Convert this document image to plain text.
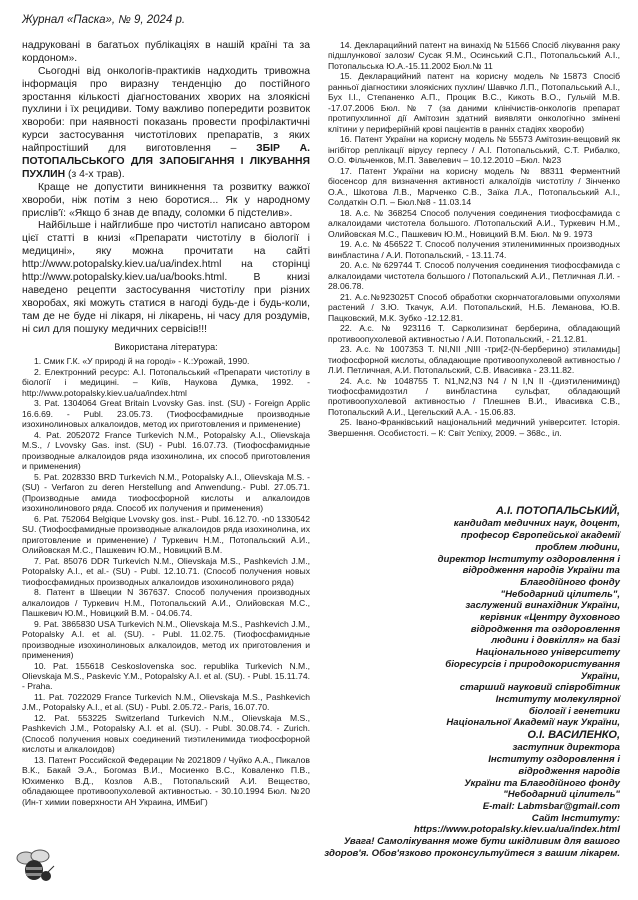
Журнал «Паска», № 9, 2024 р.

надруковані в багатьох публікаціях в нашій країні та за кордоном».

Сьогодні від онкологів-практиків надходить тривожна інформація про виразну тенденцію до постійного зростання кількості діагностованих хворих на злоякісні пухлини і їх рецидиви. Тому важливо попередити розвиток хвороби: при наявності показань провести профілактичні курси застосування чистотілових препаратів, з яких найпростіший для виготовлення – ЗБІР А. ПОТОПАЛЬСЬКОГО ДЛЯ ЗАПОБІГАННЯ І ЛІКУВАННЯ ПУХЛИН (з 4-х трав).

Краще не допустити виникнення та розвитку важкої хвороби, ніж потім з нею боротися... Як у народному прислів'ї: «Якщо б знав де впаду, соломки б підстелив».

Найбільше і найглибше про чистотіл написано автором цієї статті в книзі «Препарати чистотілу в біології і медицині», яку можна прочитати на сайті http://www.potopalsky.kiev.ua/ua/index.html на сторінці http://www.potopalsky.kiev.ua/ua/books.html. В книзі наведено рецепти застосування чистотілу при різних хворобах, які можуть статися в нагоді будь-де і будь-коли, там де не буде ні лікаря, ні лікарень, ні часу для роздумів, ні сил для пошуку медичних сервісів!!!

Використана література:

1. Смик Г.К. «У природі й на городі» - К.:Урожай, 1990.

2. Електронний ресурс: А.І. Потопальський «Препарати чистотілу в біології і медицині. – Київ, Наукова Думка, 1992. - http://www.potopalsky.kiev.ua/ua/index.html

3. Pat. 1304064 Great Britain Lvovsky Gas. inst. (SU) - Foreign Applic 16.6.69. - Publ. 23.05.73. (Тиофосфамидные производные изохинолиновых алкалоидов, метод их приготовления и применение)

4. Pat. 2052072 France Turkevich N.M., Potopalsky A.I., Olievskaja M.S., / Lvovsky Gas. inst. (SU) - Publ. 16.07.73. (Тиофосфамидные производные алкалоидов ряда изохинолина, их способ приготовления и применения)

5. Pat. 2028330 BRD Turkevich N.M., Potopalsky A.I., Olievskaja M.S. - (SU) - Verfaron zu deren Herstellung and Anwendung.- Publ. 27.05.71. (Производные амида тиофосфорной кислоты и алкалоидов изохинолинового ряда. Способ их получения и применения)

6. Pat. 752064 Belgique Lvovsky gos. inst.- Publ. 16.12.70. -n0 1330542 SU. (Тиофосфамидные производные алкалоидов ряда изохинолина, их приготовление и применение) / Туркевич Н.М., Потопальский А.И., Олийовская М.С., Пашкевич Ю.М., Новицкий В.М.

7. Pat. 85076 DDR Turkevich N.M., Olievskaja M.S., Pashkevich J.M., Potopalsky A.I., et al.- (SU) - Publ. 12.10.71. (Способ получения новых тиофосфамидных производных алкалоидов изохинолинового ряда)

8. Патент в Швеции N 367637. Способ получения производных алкалоидов / Туркевич Н.М., Потопальский А.И., Олийовская М.С., Пашкевич Ю.М., Новицкий В.М. - 04.06.74.

9. Pat. 3865830 USA Turkevich N.M., Olievskaja M.S., Pashkevich J.M., Potopalsky A.I. et al. (SU). - Publ. 11.02.75. (Тиофосфамидные производные изохинолиновых алкалоидов, метод их приготовления и применения)

10. Pat. 155618 Ceskoslovenska soc. republika Turkevich N.M., Olievskaja M.S., Paskevic Y.M., Potopalsky A.I. et al. (SU). - Publ. 15.11.74. - Praha.

11. Pat. 7022029 France Turkevich N.M., Olievskaja M.S., Pashkevich J.M., Potopalsky A.I., et al. (SU) - Publ. 2.05.72.- Paris, 16.07.70.

12. Pat. 553225 Switzerland Turkevich N.M., Olievskaja M.S., Pashkevich J.M., Potopalsky A.I. et al. (SU). - Publ. 30.08.74. - Zurich. (Способ получения новых соединений тиэтиленимида тиофосфорной кислоты и алкалоидов)

13. Патент Российской Федерации № 2021809 / Чуйко А.А., Пикалов В.К., Бакай Э.А., Богомаз В.И., Мосиенко В.С., Коваленко П.В., Юхименко В.Д., Козлов А.В., Потопальский А.И. Вещество, обладающее противоопухолевой активностью. - 30.10.1994 Бюл. №20 (Ин-т химии поверхности АН Украина, ИМБиГ)

14. Декларацийний патент на винахiд № 51566 Спосiб лiкування раку пiдшлункової залози/ Сусак Я.М., Осинський С.П., Потопальський А.I., Потопальська Ю.А.-15.11.2002 Бюл.№ 11

15. Декларацийний патент на корисну модель №15873 Спосiб ранньої дiагностики злоякiсних пухлин/ Шавчко Л.П., Потопальський А.I., Бух I.I., Степаненко А.П., Процик В.С., Кикоть В.О., Гульчiй М.В. -17.07.2006 Бюл. № 7 (за даними клiнiчистів-онкологів препарат протипухлинної дiї Амiтозин здатний виявляти онкологiчно змiнені клiтини у периферiйнiй кровi пацiєнтiв в ранніх стадiях хвороби)

16. Патент України на корисну модель № 55573 Амiтозин-вещовий як iнгiбітор реплiкації вiрусу герпесу / А.І. Потопальський, С.Т. Рибалко, О.О. Фільченков, М.П. Завелевич – 10.12.2010 –Бюл. №23

17. Патент України на корисну модель № 88311 Ферментний бiосенсор для визначення активностi алкалоїдiв чистотiлу / Зінченко О.А., Шкотова Л.В., Марченко С.В., Заїка Л.А., Потопальський А.І., Солдаткiн О.П. – Бюл.№8 - 11.03.14

18. А.с. № 368254 Способ получения соединения тиофосфамида с алкалоидами чистотела большого. /Потопальский А.И., Туркевич Н.М., Олийовская М.С., Пашкевич Ю.М., Новицкий В.М. Бюл. № 9. 1973

19. А.с. № 456522 Т. Способ получения этилениминных производных винбластина / А.И. Потопальский, - 13.11.74.

20. А.с. № 629744 Т. Способ получения соединения тиофосфамида с алкалоидами чистотела большого / Потопальский А.И., Петличная Л.И. - 28.06.78.

21. А.с.№923025Т Способ обработки скорнчатогаловыми опухолями растений / З.Ю. Ткачук, А.И. Потопальский, Н.Б. Леманова, Ю.В. Пацковский, М.К. Зубко -12.12.81.

22. А.с. № 923116 Т. Сарколизинат берберина, обладающий противоопухолевой активностью / А.И. Потопальский, - 21.12.81.

23. А.с. № 1007353 Т. NI,NII ,NIII -три[2-(N-берберино) этиламиды] тиофосфорной кислоты, обладающие противоопухолевой активностью / Л.И. Петличная, А.И. Потопальский, С.В. Ивасивка - 23.11.82.

24. А.с. № 1048755 Т. N1,N2,N3 N4 / N I,N II -(диэтилениминд) тиофосфамидозтил / винбластина сульфат, обладающий противоопухолевой активностью / Плешнев В.И., Ивасивка С.В., Потопальский А.И., Цегельский А.А. - 15.06.83.

25. Івано-Франківський національний медичний університет. Історія. Звершення. Особистості. – К: Світ Успіху, 2009. – 368с., іл.

А.І. ПОТОПАЛЬСЬКИЙ,

кандидат медичних наук, доцент,

професор Європейської академії

проблем людини,

директор Інституту оздоровлення і

відродження народів України та

Благодійного фонду

"Небодарний цілитель",

заслужений винахідник України,

керівник «Центру духовного

відродження та оздоровлення

людини і довкілля» на базі

Національного університету

біоресурсів і природокористування

України,

старший науковий співробітник

Інституту молекулярної

біології і генетики

Національної Академії наук України,

О.І. ВАСИЛЕНКО,

заступник директора

Інституту оздоровлення і

відродження народів

України та Благодійного фонду

"Небодарний цілитель"

E-mail: Labmsbar@gmail.com

Сайт Інституту:

https://www.potopalsky.kiev.ua/ua/index.html

Увага! Самолікування може бути шкідливим для вашого здоров'я. Обов'язково проконсультуйтеся з вашим лікарем.
